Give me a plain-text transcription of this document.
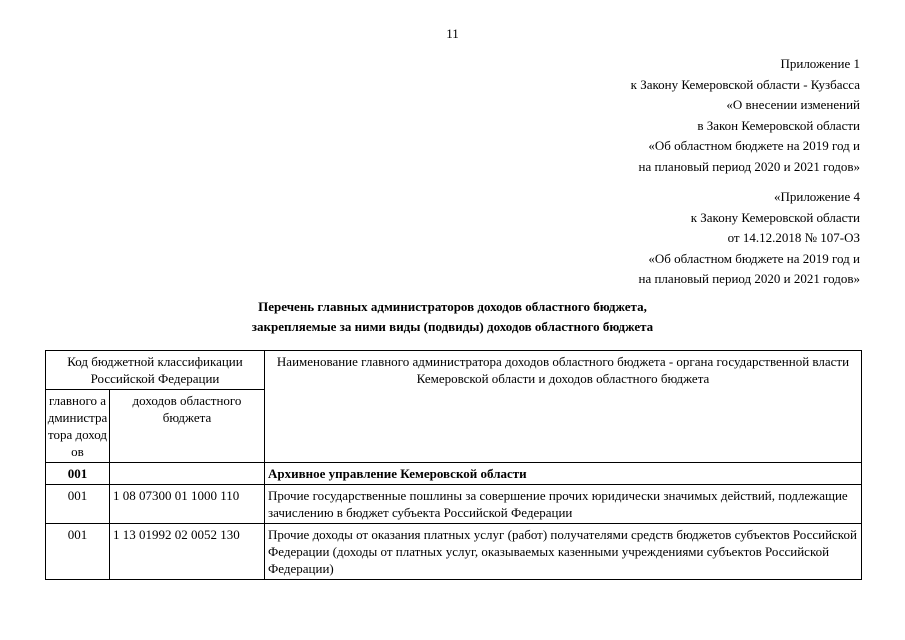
11
Приложение 1
к Закону Кемеровской области - Кузбасса
«О внесении изменений
в Закон Кемеровской области
«Об областном бюджете на 2019 год и
на плановый период 2020 и 2021 годов»
«Приложение 4
к Закону Кемеровской области
от 14.12.2018 № 107-ОЗ
«Об областном бюджете на 2019 год и
на плановый период 2020 и 2021 годов»
Перечень главных администраторов доходов областного бюджета,
закрепляемые за ними виды (подвиды) доходов областного бюджета
Код бюджетной классификации Российской Федерации		Наименование главного администратора доходов областного бюджета - органа государственной власти Кемеровской области и доходов областного бюджета
главного администратора доходов	доходов областного бюджета	
001		Архивное управление Кемеровской области
001	1 08 07300 01 1000 110	Прочие государственные пошлины за совершение прочих юридически значимых действий, подлежащие зачислению в бюджет субъекта Российской Федерации
001	1 13 01992 02 0052 130	Прочие доходы от оказания платных услуг (работ) получателями средств бюджетов субъектов Российской Федерации (доходы от платных услуг, оказываемых казенными учреждениями субъектов Российской Федерации)
